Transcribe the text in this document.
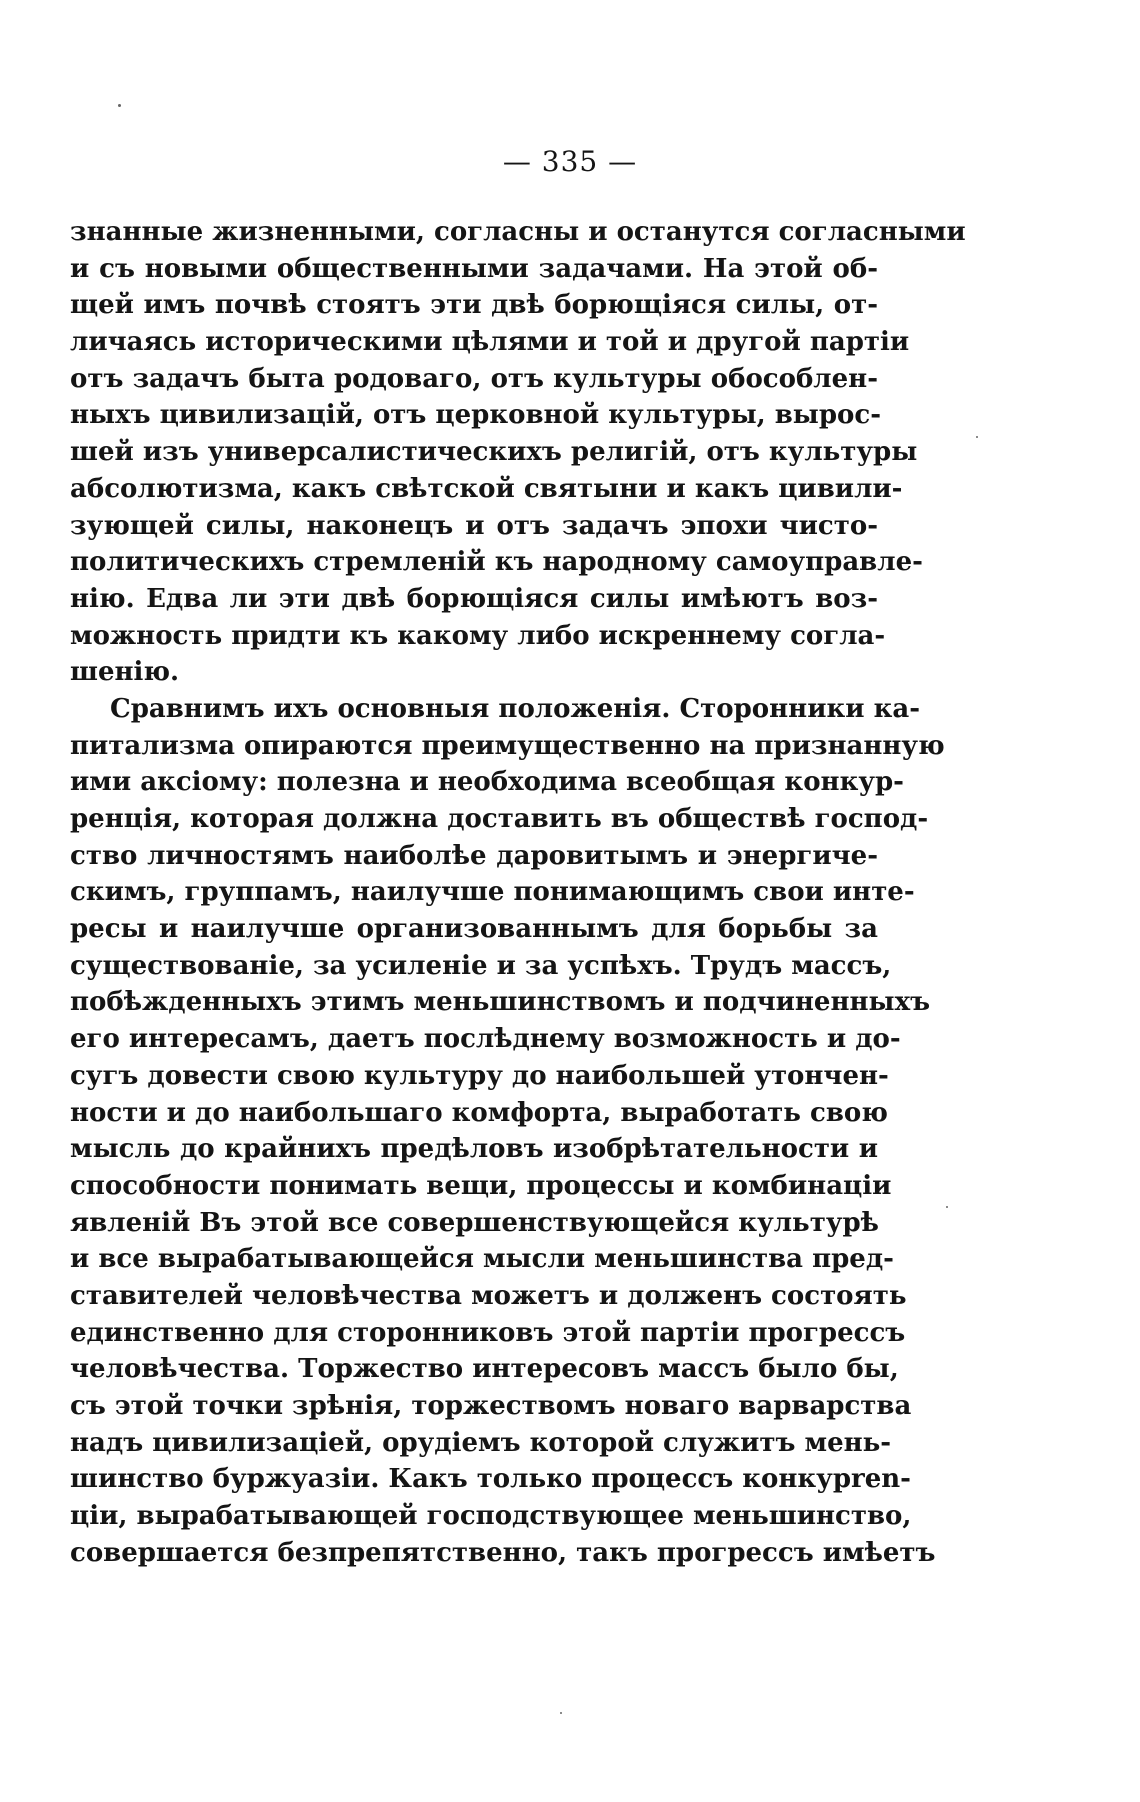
— 335 —
знанные жизненными, согласны и останутся согласными
и съ новыми общественными задачами. На этой об-
щей имъ почвѣ стоятъ эти двѣ борющіяся силы, от-
личаясь историческими цѣлями и той и другой партіи
отъ задачъ быта родоваго, отъ культуры обособлен-
ныхъ цивилизацій, отъ церковной культуры, вырос-
шей изъ универсалистическихъ религій, отъ культуры
абсолютизма, какъ свѣтской святыни и какъ цивили-
зующей силы, наконецъ и отъ задачъ эпохи чисто-
политическихъ стремленій къ народному самоуправле-
нію. Едва ли эти двѣ борющіяся силы имѣютъ воз-
можность придти къ какому либо искреннему согла-
шенію.
Сравнимъ ихъ основныя положенія. Сторонники ка-
питализма опираются преимущественно на признанную
ими аксіому: полезна и необходима всеобщая конкур-
ренція, которая должна доставить въ обществѣ господ-
ство личностямъ наиболѣе даровитымъ и энергиче-
скимъ, группамъ, наилучше понимающимъ свои инте-
ресы и наилучше организованнымъ для борьбы за
существованіе, за усиленіе и за успѣхъ. Трудъ массъ,
побѣжденныхъ этимъ меньшинствомъ и подчиненныхъ
его интересамъ, даетъ послѣднему возможность и до-
сугъ довести свою культуру до наибольшей утончен-
ности и до наибольшаго комфорта, выработать свою
мысль до крайнихъ предѣловъ изобрѣтательности и
способности понимать вещи, процессы и комбинаціи
явленій Въ этой все совершенствующейся культурѣ
и все вырабатывающейся мысли меньшинства пред-
ставителей человѣчества можетъ и долженъ состоять
единственно для сторонниковъ этой партіи прогрессъ
человѣчества. Торжество интересовъ массъ было бы,
съ этой точки зрѣнія, торжествомъ новаго варварства
надъ цивилизаціей, орудіемъ которой служитъ мень-
шинство буржуазіи. Какъ только процессъ конкурren-
ціи, вырабатывающей господствующее меньшинство,
совершается безпрепятственно, такъ прогрессъ имѣетъ
